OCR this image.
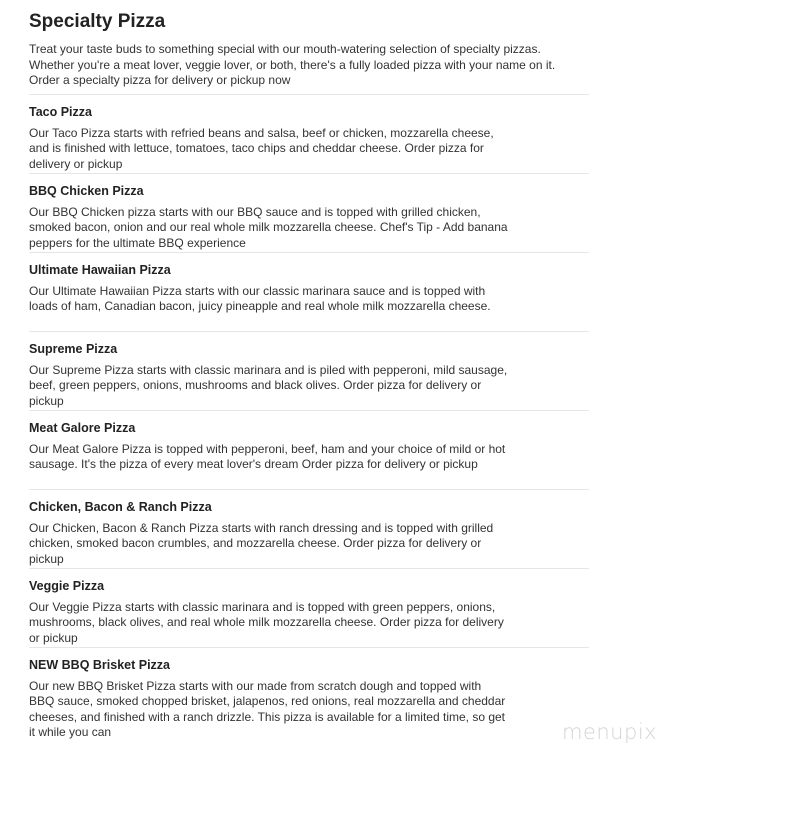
Specialty Pizza

Treat your taste buds to something special with our mouth-watering selection of specialty pizzas. Whether you're a meat lover, veggie lover, or both, there's a fully loaded pizza with your name on it. Order a specialty pizza for delivery or pickup now

Taco Pizza

Our Taco Pizza starts with refried beans and salsa, beef or chicken, mozzarella cheese, and is finished with lettuce, tomatoes, taco chips and cheddar cheese. Order pizza for delivery or pickup

BBQ Chicken Pizza

Our BBQ Chicken pizza starts with our BBQ sauce and is topped with grilled chicken, smoked bacon, onion and our real whole milk mozzarella cheese. Chef's Tip - Add banana peppers for the ultimate BBQ experience

Ultimate Hawaiian Pizza

Our Ultimate Hawaiian Pizza starts with our classic marinara sauce and is topped with loads of ham, Canadian bacon, juicy pineapple and real whole milk mozzarella cheese.

Supreme Pizza

Our Supreme Pizza starts with classic marinara and is piled with pepperoni, mild sausage, beef, green peppers, onions, mushrooms and black olives. Order pizza for delivery or pickup

Meat Galore Pizza

Our Meat Galore Pizza is topped with pepperoni, beef, ham and your choice of mild or hot sausage. It's the pizza of every meat lover's dream Order pizza for delivery or pickup

Chicken, Bacon & Ranch Pizza

Our Chicken, Bacon & Ranch Pizza starts with ranch dressing and is topped with grilled chicken, smoked bacon crumbles, and mozzarella cheese. Order pizza for delivery or pickup

Veggie Pizza

Our Veggie Pizza starts with classic marinara and is topped with green peppers, onions, mushrooms, black olives, and real whole milk mozzarella cheese. Order pizza for delivery or pickup

NEW BBQ Brisket Pizza

Our new BBQ Brisket Pizza starts with our made from scratch dough and topped with BBQ sauce, smoked chopped brisket, jalapenos, red onions, real mozzarella and cheddar cheeses, and finished with a ranch drizzle. This pizza is available for a limited time, so get it while you can	menupix
